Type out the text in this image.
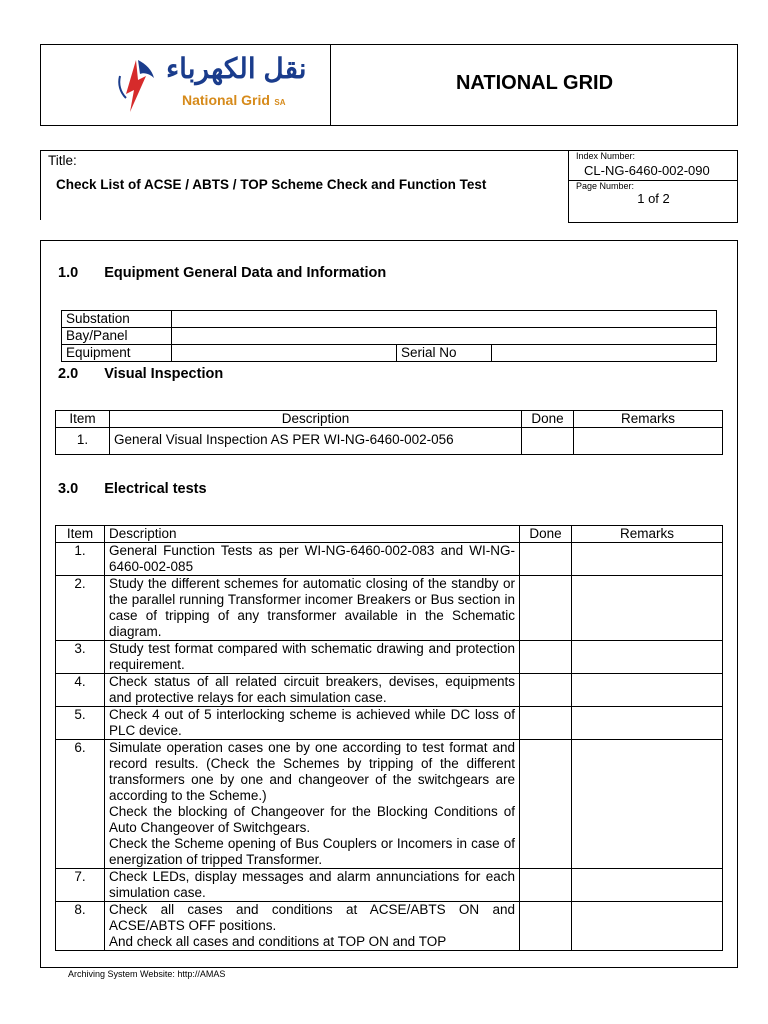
نقل الكهرباء
National Grid SA
NATIONAL GRID
Title:
Check List of ACSE / ABTS / TOP Scheme Check and Function Test
Index Number:
CL-NG-6460-002-090
Page Number:
1 of 2
1.0 Equipment General Data and Information
Substation			
Bay/Panel			
Equipment		Serial No	
2.0 Visual Inspection
Item	Description	Done	Remarks
1.	General Visual Inspection AS PER WI-NG-6460-002-056		
3.0 Electrical tests
Item	Description	Done	Remarks
1.	General Function Tests as per WI-NG-6460-002-083 and WI-NG-6460-002-085		
2.	Study the different schemes for automatic closing of the standby or the parallel running Transformer incomer Breakers or Bus section in case of tripping of any transformer available in the Schematic diagram.		
3.	Study test format compared with schematic drawing and protection requirement.		
4.	Check status of all related circuit breakers, devises, equipments and protective relays for each simulation case.		
5.	Check 4 out of 5 interlocking scheme is achieved while DC loss of PLC device.		
6.	Simulate operation cases one by one according to test format and record results. (Check the Schemes by tripping of the different transformers one by one and changeover of the switchgears are according to the Scheme.)
Check the blocking of Changeover for the Blocking Conditions of Auto Changeover of Switchgears.
Check the Scheme opening of Bus Couplers or Incomers in case of energization of tripped Transformer.		
7.	Check LEDs, display messages and alarm annunciations for each simulation case.		
8.	Check all cases and conditions at ACSE/ABTS ON and ACSE/ABTS OFF positions.
And check all cases and conditions at TOP ON and TOP		
Archiving System Website: http://AMAS
